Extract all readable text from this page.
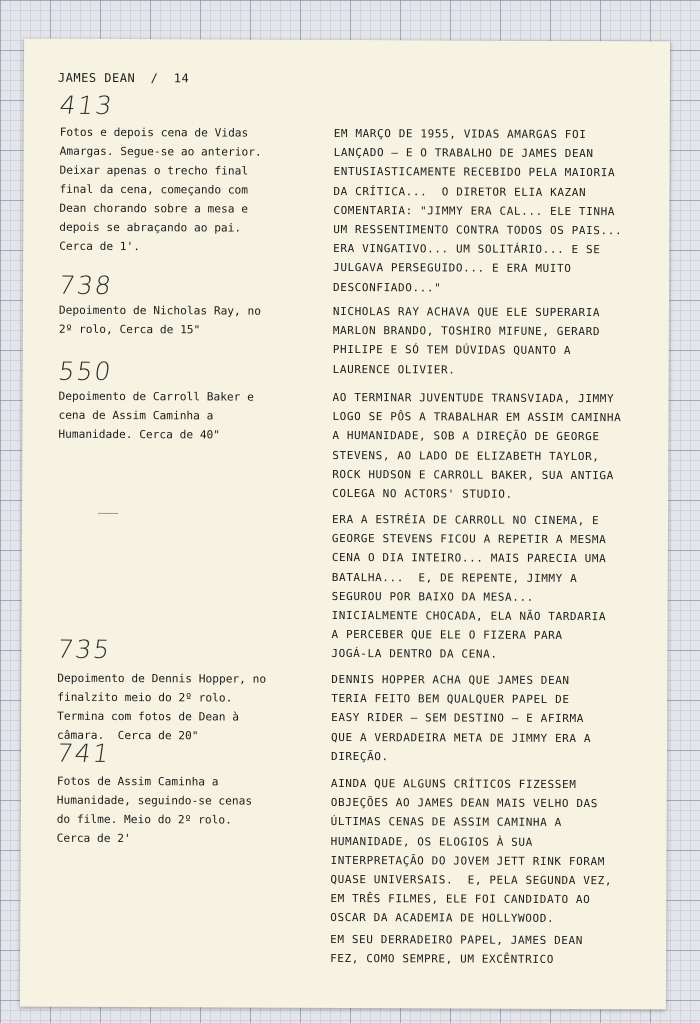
JAMES DEAN  /  14
413
Fotos e depois cena de Vidas
Amargas. Segue-se ao anterior.
Deixar apenas o trecho final
final da cena, começando com
Dean chorando sobre a mesa e
depois se abraçando ao pai.
Cerca de 1'.
738
Depoimento de Nicholas Ray, no
2º rolo, Cerca de 15"
550
Depoimento de Carroll Baker e
cena de Assim Caminha a
Humanidade. Cerca de 40"
735
Depoimento de Dennis Hopper, no
finalzito meio do 2º rolo.
Termina com fotos de Dean à
câmara.  Cerca de 20"
741
Fotos de Assim Caminha a
Humanidade, seguindo-se cenas
do filme. Meio do 2º rolo.
Cerca de 2'
EM MARÇO DE 1955, VIDAS AMARGAS FOI
LANÇADO — E O TRABALHO DE JAMES DEAN
ENTUSIASTICAMENTE RECEBIDO PELA MAIORIA
DA CRÍTICA...  O DIRETOR ELIA KAZAN
COMENTARIA: "JIMMY ERA CAL... ELE TINHA
UM RESSENTIMENTO CONTRA TODOS OS PAIS...
ERA VINGATIVO... UM SOLITÁRIO... E SE
JULGAVA PERSEGUIDO... E ERA MUITO
DESCONFIADO..."
NICHOLAS RAY ACHAVA QUE ELE SUPERARIA
MARLON BRANDO, TOSHIRO MIFUNE, GERARD
PHILIPE E SÓ TEM DÚVIDAS QUANTO A
LAURENCE OLIVIER.
AO TERMINAR JUVENTUDE TRANSVIADA, JIMMY
LOGO SE PÔS A TRABALHAR EM ASSIM CAMINHA
A HUMANIDADE, SOB A DIREÇÃO DE GEORGE
STEVENS, AO LADO DE ELIZABETH TAYLOR,
ROCK HUDSON E CARROLL BAKER, SUA ANTIGA
COLEGA NO ACTORS' STUDIO.
ERA A ESTRÉIA DE CARROLL NO CINEMA, E
GEORGE STEVENS FICOU A REPETIR A MESMA
CENA O DIA INTEIRO... MAIS PARECIA UMA
BATALHA...  E, DE REPENTE, JIMMY A
SEGUROU POR BAIXO DA MESA...
INICIALMENTE CHOCADA, ELA NÃO TARDARIA
A PERCEBER QUE ELE O FIZERA PARA
JOGÁ-LA DENTRO DA CENA.
DENNIS HOPPER ACHA QUE JAMES DEAN
TERIA FEITO BEM QUALQUER PAPEL DE
EASY RIDER — SEM DESTINO — E AFIRMA
QUE A VERDADEIRA META DE JIMMY ERA A
DIREÇÃO.
AINDA QUE ALGUNS CRÍTICOS FIZESSEM
OBJEÇÕES AO JAMES DEAN MAIS VELHO DAS
ÚLTIMAS CENAS DE ASSIM CAMINHA A
HUMANIDADE, OS ELOGIOS À SUA
INTERPRETAÇÃO DO JOVEM JETT RINK FORAM
QUASE UNIVERSAIS.  E, PELA SEGUNDA VEZ,
EM TRÊS FILMES, ELE FOI CANDIDATO AO
OSCAR DA ACADEMIA DE HOLLYWOOD.
EM SEU DERRADEIRO PAPEL, JAMES DEAN
FEZ, COMO SEMPRE, UM EXCÊNTRICO
